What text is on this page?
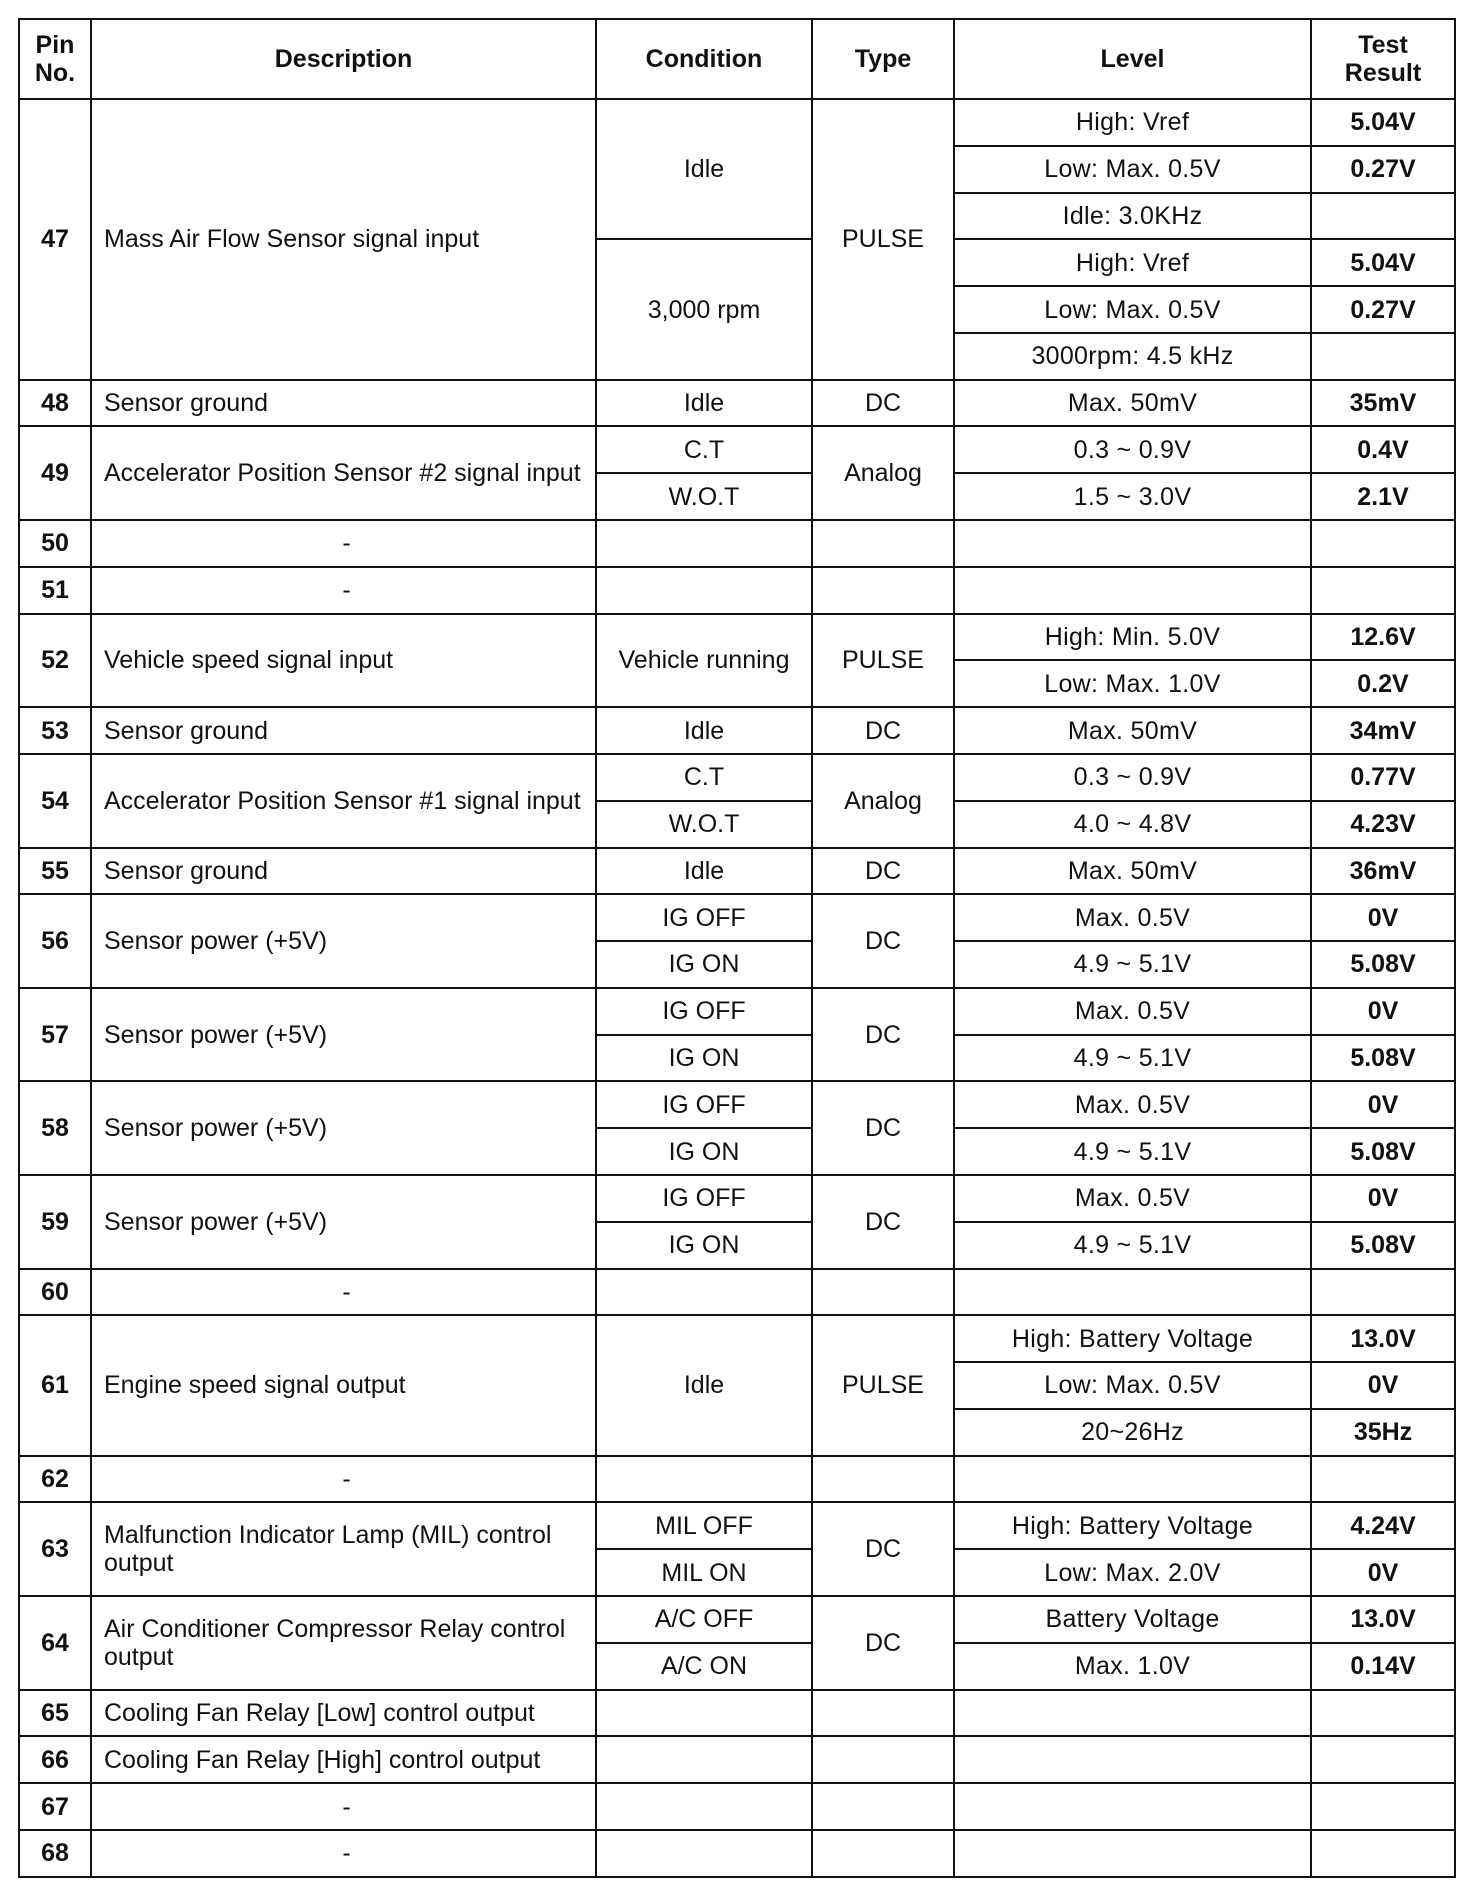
Pin No.	Description	Condition	Type	Level	Test Result
47	Mass Air Flow Sensor signal input	Idle	PULSE	High: Vref	5.04V
				Low: Max. 0.5V	0.27V
				Idle: 3.0KHz	
		3,000 rpm		High: Vref	5.04V
				Low: Max. 0.5V	0.27V
				3000rpm: 4.5 kHz	
48	Sensor ground	Idle	DC	Max. 50mV	35mV
49	Accelerator Position Sensor #2 signal input	C.T	Analog	0.3 ~ 0.9V	0.4V
		W.O.T		1.5 ~ 3.0V	2.1V
50	-				
51	-				
52	Vehicle speed signal input	Vehicle running	PULSE	High: Min. 5.0V	12.6V
				Low: Max. 1.0V	0.2V
53	Sensor ground	Idle	DC	Max. 50mV	34mV
54	Accelerator Position Sensor #1 signal input	C.T	Analog	0.3 ~ 0.9V	0.77V
		W.O.T		4.0 ~ 4.8V	4.23V
55	Sensor ground	Idle	DC	Max. 50mV	36mV
56	Sensor power (+5V)	IG OFF	DC	Max. 0.5V	0V
		IG ON		4.9 ~ 5.1V	5.08V
57	Sensor power (+5V)	IG OFF	DC	Max. 0.5V	0V
		IG ON		4.9 ~ 5.1V	5.08V
58	Sensor power (+5V)	IG OFF	DC	Max. 0.5V	0V
		IG ON		4.9 ~ 5.1V	5.08V
59	Sensor power (+5V)	IG OFF	DC	Max. 0.5V	0V
		IG ON		4.9 ~ 5.1V	5.08V
60	-				
61	Engine speed signal output	Idle	PULSE	High: Battery Voltage	13.0V
				Low: Max. 0.5V	0V
				20~26Hz	35Hz
62	-				
63	Malfunction Indicator Lamp (MIL) control output	MIL OFF	DC	High: Battery Voltage	4.24V
		MIL ON		Low: Max. 2.0V	0V
64	Air Conditioner Compressor Relay control output	A/C OFF	DC	Battery Voltage	13.0V
		A/C ON		Max. 1.0V	0.14V
65	Cooling Fan Relay [Low] control output				
66	Cooling Fan Relay [High] control output				
67	-				
68	-				
